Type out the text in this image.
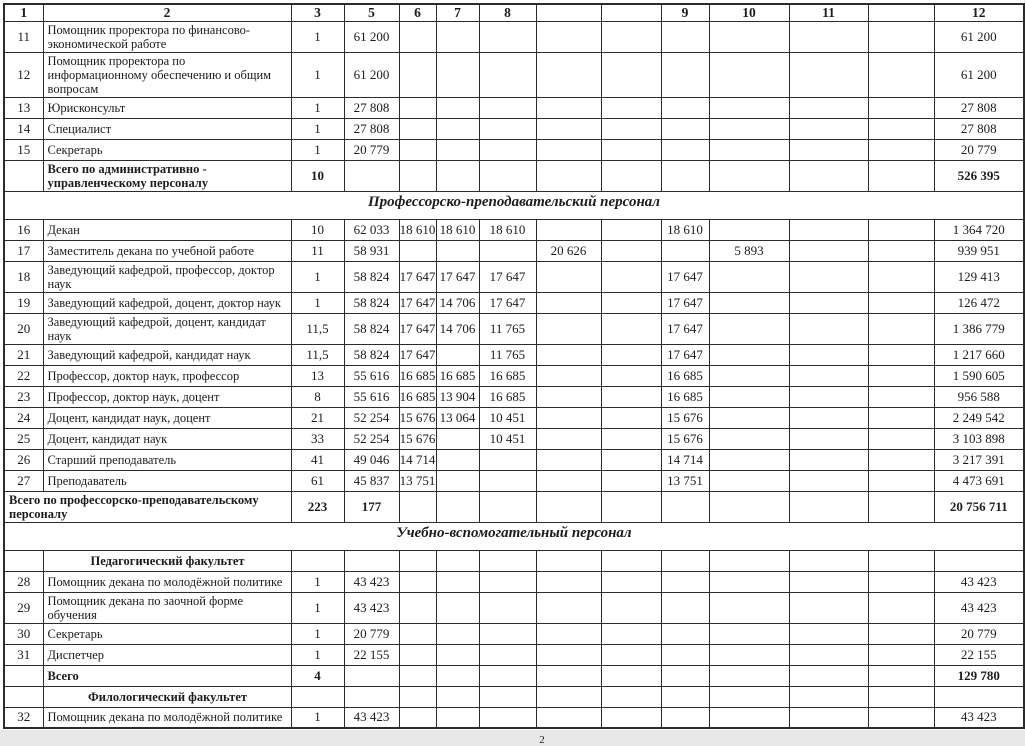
1	2	3	5	6	7	8			9	10	11		12
11	Помощник проректора по финансово-экономической работе	1	61 200										61 200
12	Помощник проректора по информационному обеспечению и общим вопросам	1	61 200										61 200
13	Юрисконсульт	1	27 808										27 808
14	Специалист	1	27 808										27 808
15	Секретарь	1	20 779										20 779
	Всего по административно - управленческому персоналу	10											526 395
Профессорско-преподавательский персонал													
16	Декан	10	62 033	18 610	18 610	18 610			18 610				1 364 720
17	Заместитель декана по учебной работе	11	58 931				20 626			5 893			939 951
18	Заведующий кафедрой, профессор, доктор наук	1	58 824	17 647	17 647	17 647			17 647				129 413
19	Заведующий кафедрой, доцент, доктор наук	1	58 824	17 647	14 706	17 647			17 647				126 472
20	Заведующий кафедрой, доцент, кандидат наук	11,5	58 824	17 647	14 706	11 765			17 647				1 386 779
21	Заведующий кафедрой, кандидат наук	11,5	58 824	17 647		11 765			17 647				1 217 660
22	Профессор, доктор наук, профессор	13	55 616	16 685	16 685	16 685			16 685				1 590 605
23	Профессор, доктор наук, доцент	8	55 616	16 685	13 904	16 685			16 685				956 588
24	Доцент, кандидат наук, доцент	21	52 254	15 676	13 064	10 451			15 676				2 249 542
25	Доцент, кандидат наук	33	52 254	15 676		10 451			15 676				3 103 898
26	Старший преподаватель	41	49 046	14 714					14 714				3 217 391
27	Преподаватель	61	45 837	13 751					13 751				4 473 691
Всего по профессорско-преподавательскому персоналу		223	177										20 756 711
Учебно-вспомогательный персонал													
	Педагогический факультет												
28	Помощник декана по молодёжной политике	1	43 423										43 423
29	Помощник декана по заочной форме обучения	1	43 423										43 423
30	Секретарь	1	20 779										20 779
31	Диспетчер	1	22 155										22 155
	Всего	4											129 780
	Филологический факультет												
32	Помощник декана по молодёжной политике	1	43 423										43 423
2
